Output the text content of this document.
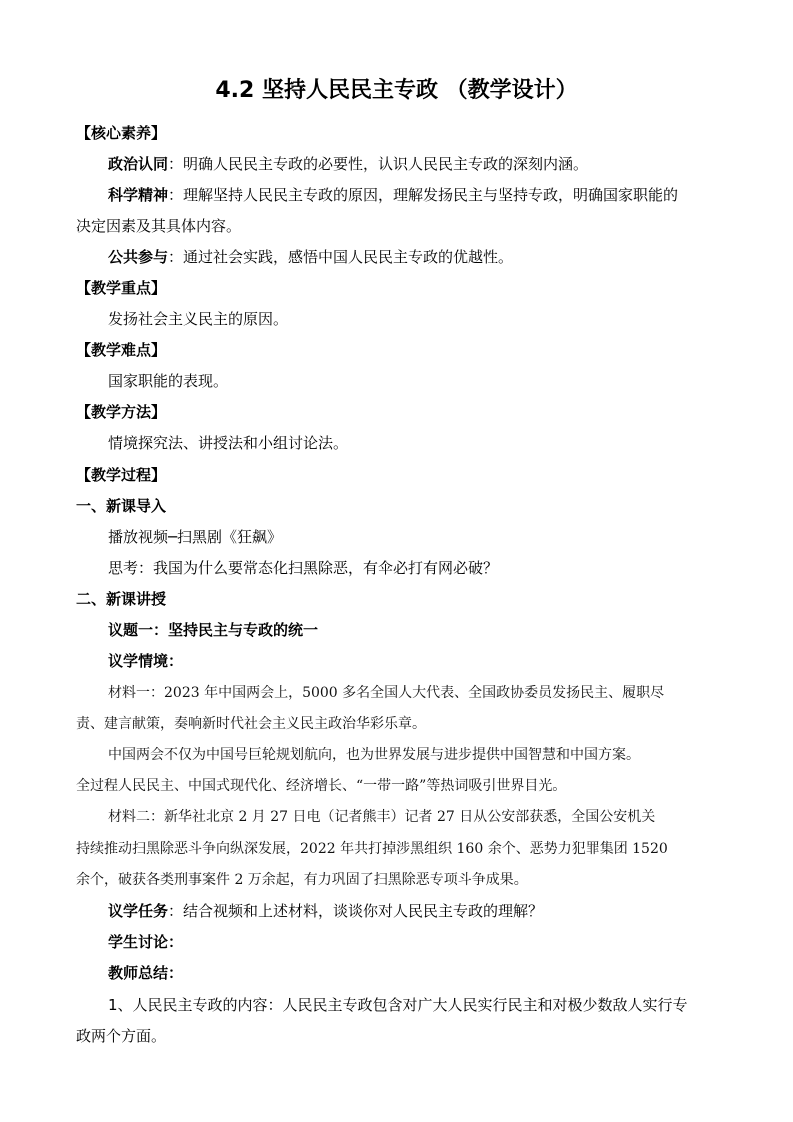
4.2 坚持人民民主专政 （教学设计）

【核心素养】

政治认同：明确人民民主专政的必要性，认识人民民主专政的深刻内涵。

科学精神：理解坚持人民民主专政的原因，理解发扬民主与坚持专政，明确国家职能的

决定因素及其具体内容。

公共参与：通过社会实践，感悟中国人民民主专政的优越性。

【教学重点】

发扬社会主义民主的原因。

【教学难点】

国家职能的表现。

【教学方法】

情境探究法、讲授法和小组讨论法。

【教学过程】

一、新课导入

播放视频─扫黑剧《狂飙》

思考：我国为什么要常态化扫黑除恶，有伞必打有网必破？

二、新课讲授

议题一：坚持民主与专政的统一

议学情境：

材料一：2023 年中国两会上，5000 多名全国人大代表、全国政协委员发扬民主、履职尽

责、建言献策，奏响新时代社会主义民主政治华彩乐章。

中国两会不仅为中国号巨轮规划航向，也为世界发展与进步提供中国智慧和中国方案。

全过程人民民主、中国式现代化、经济增长、“一带一路”等热词吸引世界目光。

材料二：新华社北京 2 月 27 日电（记者熊丰）记者 27 日从公安部获悉，全国公安机关

持续推动扫黑除恶斗争向纵深发展，2022 年共打掉涉黑组织 160 余个、恶势力犯罪集团 1520

余个，破获各类刑事案件 2 万余起，有力巩固了扫黑除恶专项斗争成果。

议学任务：结合视频和上述材料，谈谈你对人民民主专政的理解？

学生讨论：

教师总结：

1、人民民主专政的内容：人民民主专政包含对广大人民实行民主和对极少数敌人实行专

政两个方面。
